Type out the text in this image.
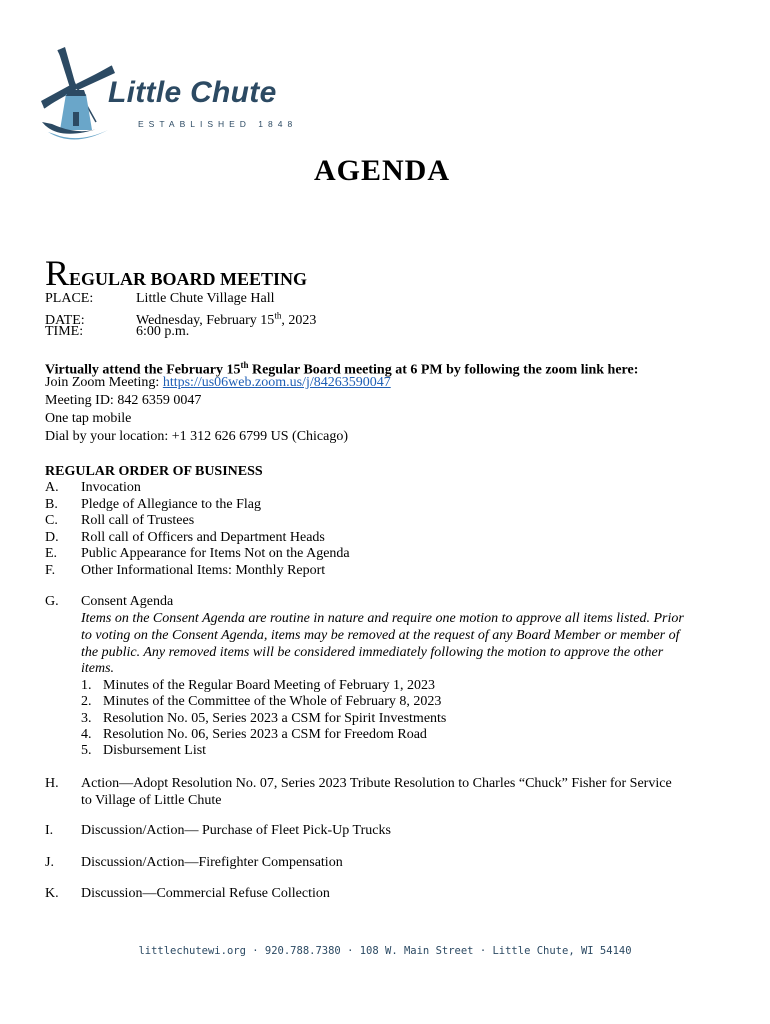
Little Chute
ESTABLISHED 1848
AGENDA
REGULAR BOARD MEETING
PLACE:	Little Chute Village Hall
DATE:	Wednesday, February 15th, 2023
TIME:	6:00 p.m.
Virtually attend the February 15th Regular Board meeting at 6 PM by following the zoom link here:
Join Zoom Meeting: https://us06web.zoom.us/j/84263590047
Meeting ID: 842 6359 0047
One tap mobile
Dial by your location: +1 312 626 6799 US (Chicago)
REGULAR ORDER OF BUSINESS
A. Invocation
B. Pledge of Allegiance to the Flag
C. Roll call of Trustees
D. Roll call of Officers and Department Heads
E. Public Appearance for Items Not on the Agenda
F. Other Informational Items: Monthly Report
G. Consent Agenda
Items on the Consent Agenda are routine in nature and require one motion to approve all items listed. Prior
to voting on the Consent Agenda, items may be removed at the request of any Board Member or member of
the public. Any removed items will be considered immediately following the motion to approve the other
items.
1. Minutes of the Regular Board Meeting of February 1, 2023
2. Minutes of the Committee of the Whole of February 8, 2023
3. Resolution No. 05, Series 2023 a CSM for Spirit Investments
4. Resolution No. 06, Series 2023 a CSM for Freedom Road
5. Disbursement List
H. Action—Adopt Resolution No. 07, Series 2023 Tribute Resolution to Charles “Chuck” Fisher for Service
to Village of Little Chute
I. Discussion/Action— Purchase of Fleet Pick-Up Trucks
J. Discussion/Action—Firefighter Compensation
K. Discussion—Commercial Refuse Collection
littlechutewi.org · 920.788.7380 · 108 W. Main Street · Little Chute, WI 54140
